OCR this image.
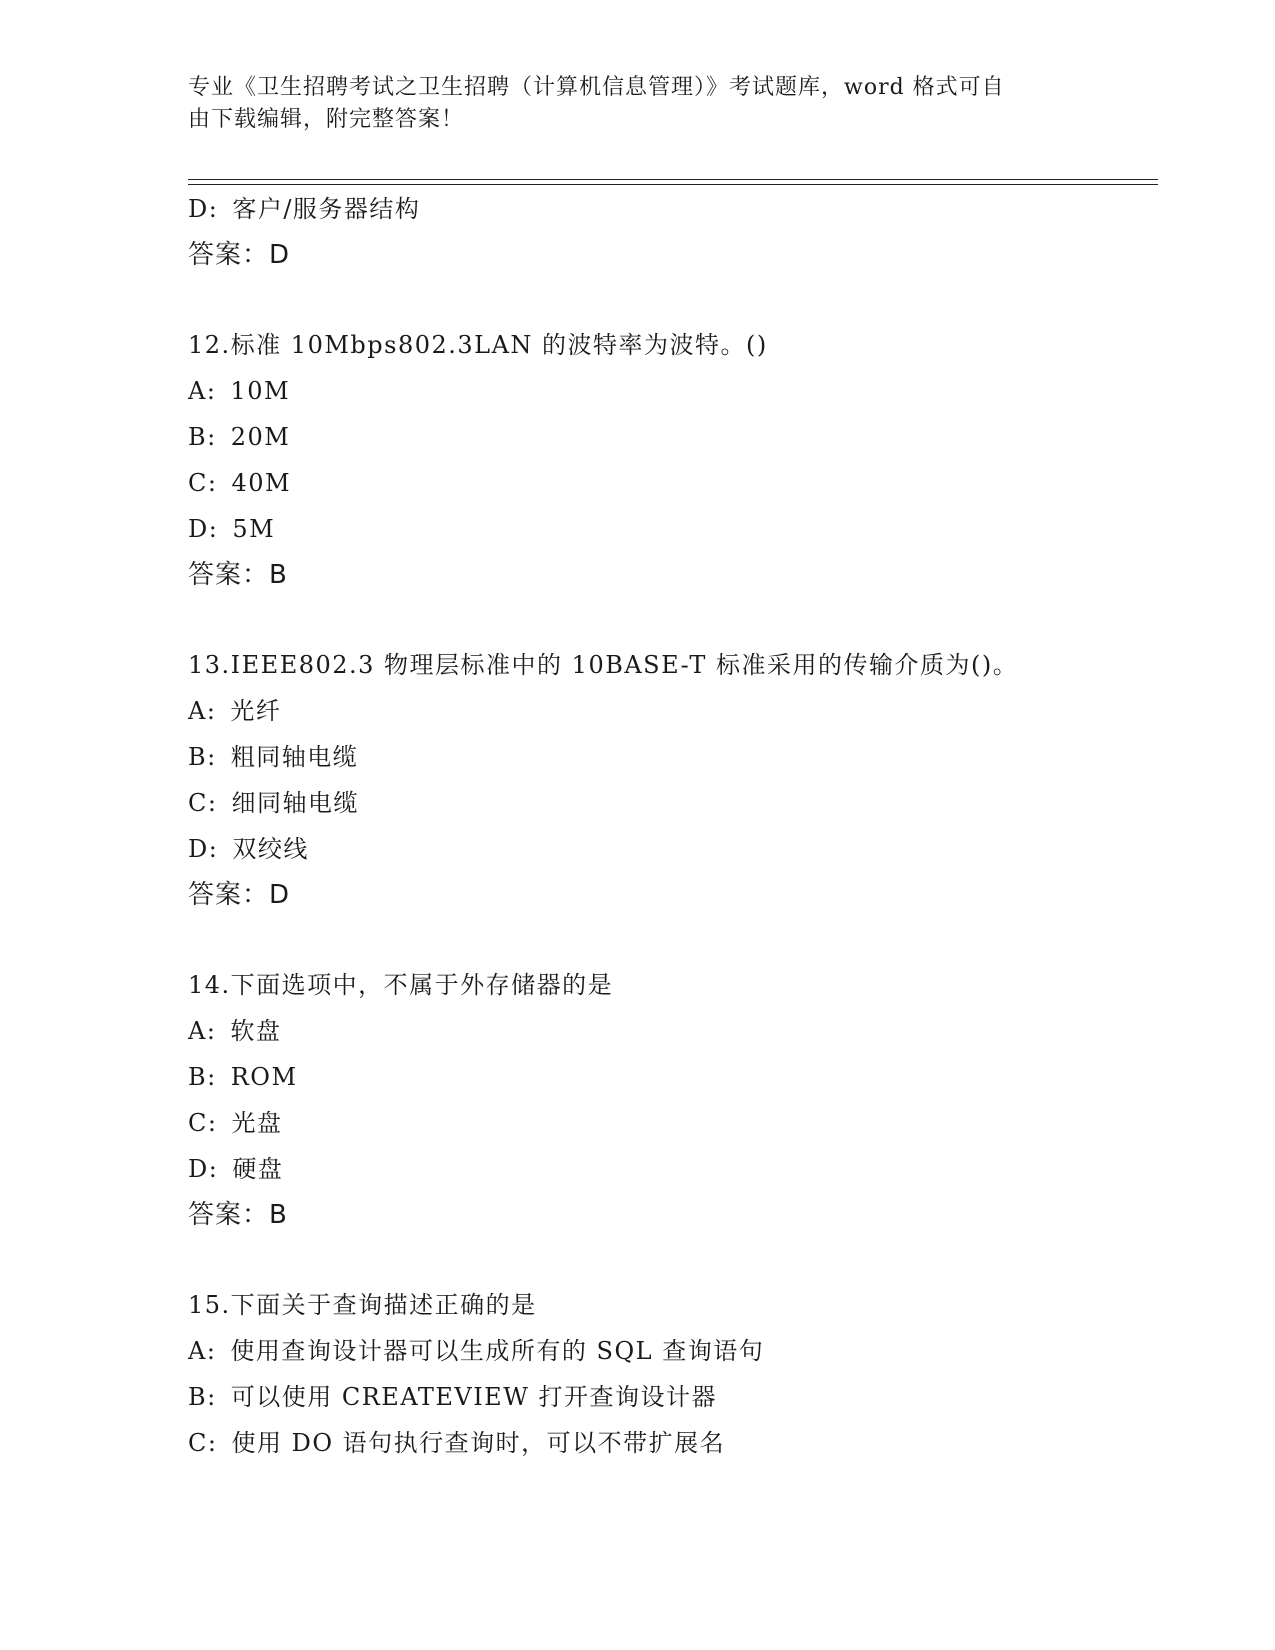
专业《卫生招聘考试之卫生招聘（计算机信息管理）》考试题库，word 格式可自
由下载编辑，附完整答案！
D: 客户/服务器结构
答案：D
12.标准 10Mbps802.3LAN 的波特率为波特。()
A: 10M
B: 20M
C: 40M
D: 5M
答案：B
13.IEEE802.3 物理层标准中的 10BASE-T 标准采用的传输介质为()。
A: 光纤
B: 粗同轴电缆
C: 细同轴电缆
D: 双绞线
答案：D
14.下面选项中，不属于外存储器的是
A: 软盘
B: ROM
C: 光盘
D: 硬盘
答案：B
15.下面关于查询描述正确的是
A: 使用查询设计器可以生成所有的 SQL 查询语句
B: 可以使用 CREATEVIEW 打开查询设计器
C: 使用 DO 语句执行查询时，可以不带扩展名
